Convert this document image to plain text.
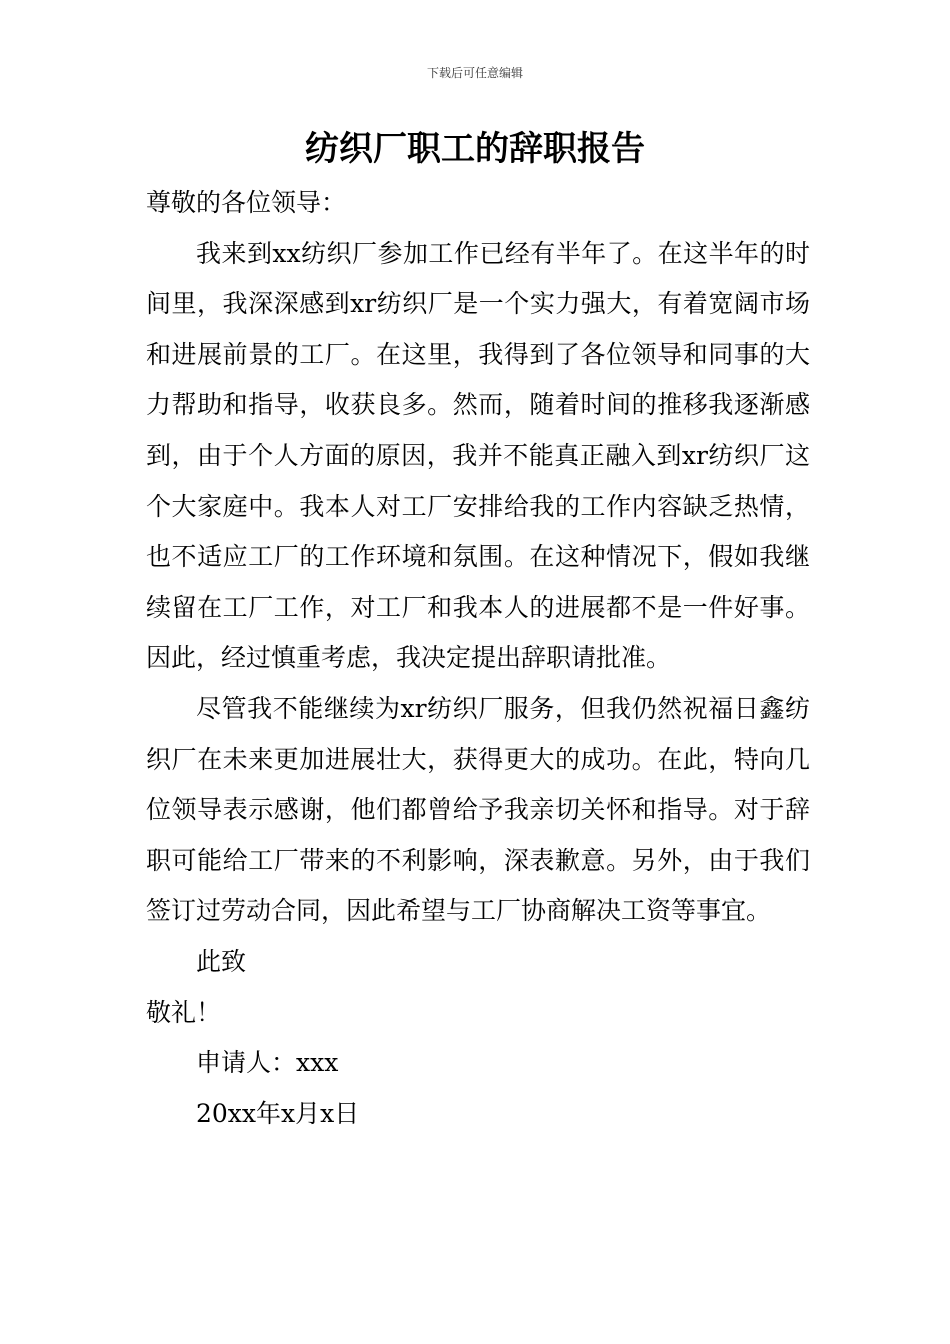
下载后可任意编辑
纺织厂职工的辞职报告

尊敬的各位领导：

我来到xx纺织厂参加工作已经有半年了。在这半年的时间里，我深深感到xr纺织厂是一个实力强大，有着宽阔市场和进展前景的工厂。在这里，我得到了各位领导和同事的大力帮助和指导，收获良多。然而，随着时间的推移我逐渐感到，由于个人方面的原因，我并不能真正融入到xr纺织厂这个大家庭中。我本人对工厂安排给我的工作内容缺乏热情，也不适应工厂的工作环境和氛围。在这种情况下，假如我继续留在工厂工作，对工厂和我本人的进展都不是一件好事。因此，经过慎重考虑，我决定提出辞职请批准。

尽管我不能继续为xr纺织厂服务，但我仍然祝福日鑫纺织厂在未来更加进展壮大，获得更大的成功。在此，特向几位领导表示感谢，他们都曾给予我亲切关怀和指导。对于辞职可能给工厂带来的不利影响，深表歉意。另外，由于我们签订过劳动合同，因此希望与工厂协商解决工资等事宜。

此致

敬礼！

申请人：xxx

20xx年x月x日
